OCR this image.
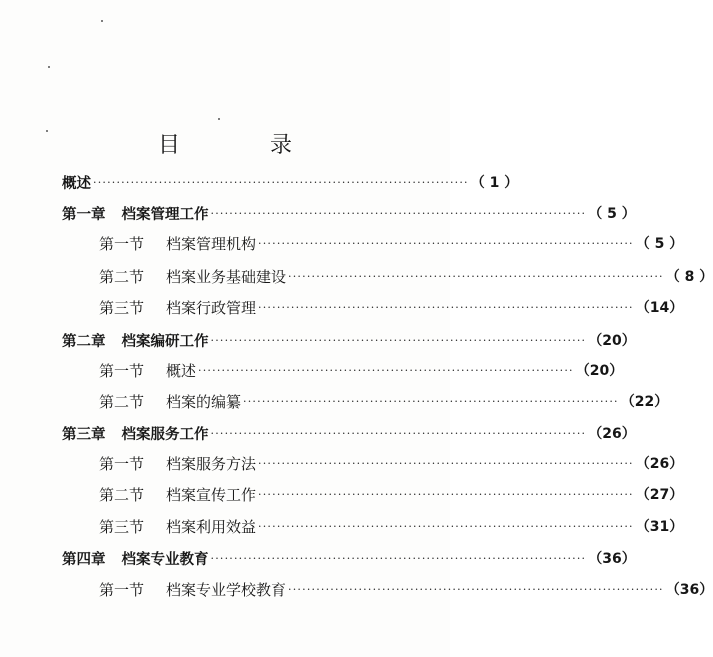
目　录
概述 ················································································ （ 1 ）
第一章 档案管理工作 ················································································ （ 5 ）
第一节 档案管理机构 ················································································ （ 5 ）
第二节 档案业务基础建设 ················································································ （ 8 ）
第三节 档案行政管理 ················································································ （14）
第二章 档案编研工作 ················································································ （20）
第一节 概述 ················································································ （20）
第二节 档案的编纂 ················································································ （22）
第三章 档案服务工作 ················································································ （26）
第一节 档案服务方法 ················································································ （26）
第二节 档案宣传工作 ················································································ （27）
第三节 档案利用效益 ················································································ （31）
第四章 档案专业教育 ················································································ （36）
第一节 档案专业学校教育 ················································································ （36）
